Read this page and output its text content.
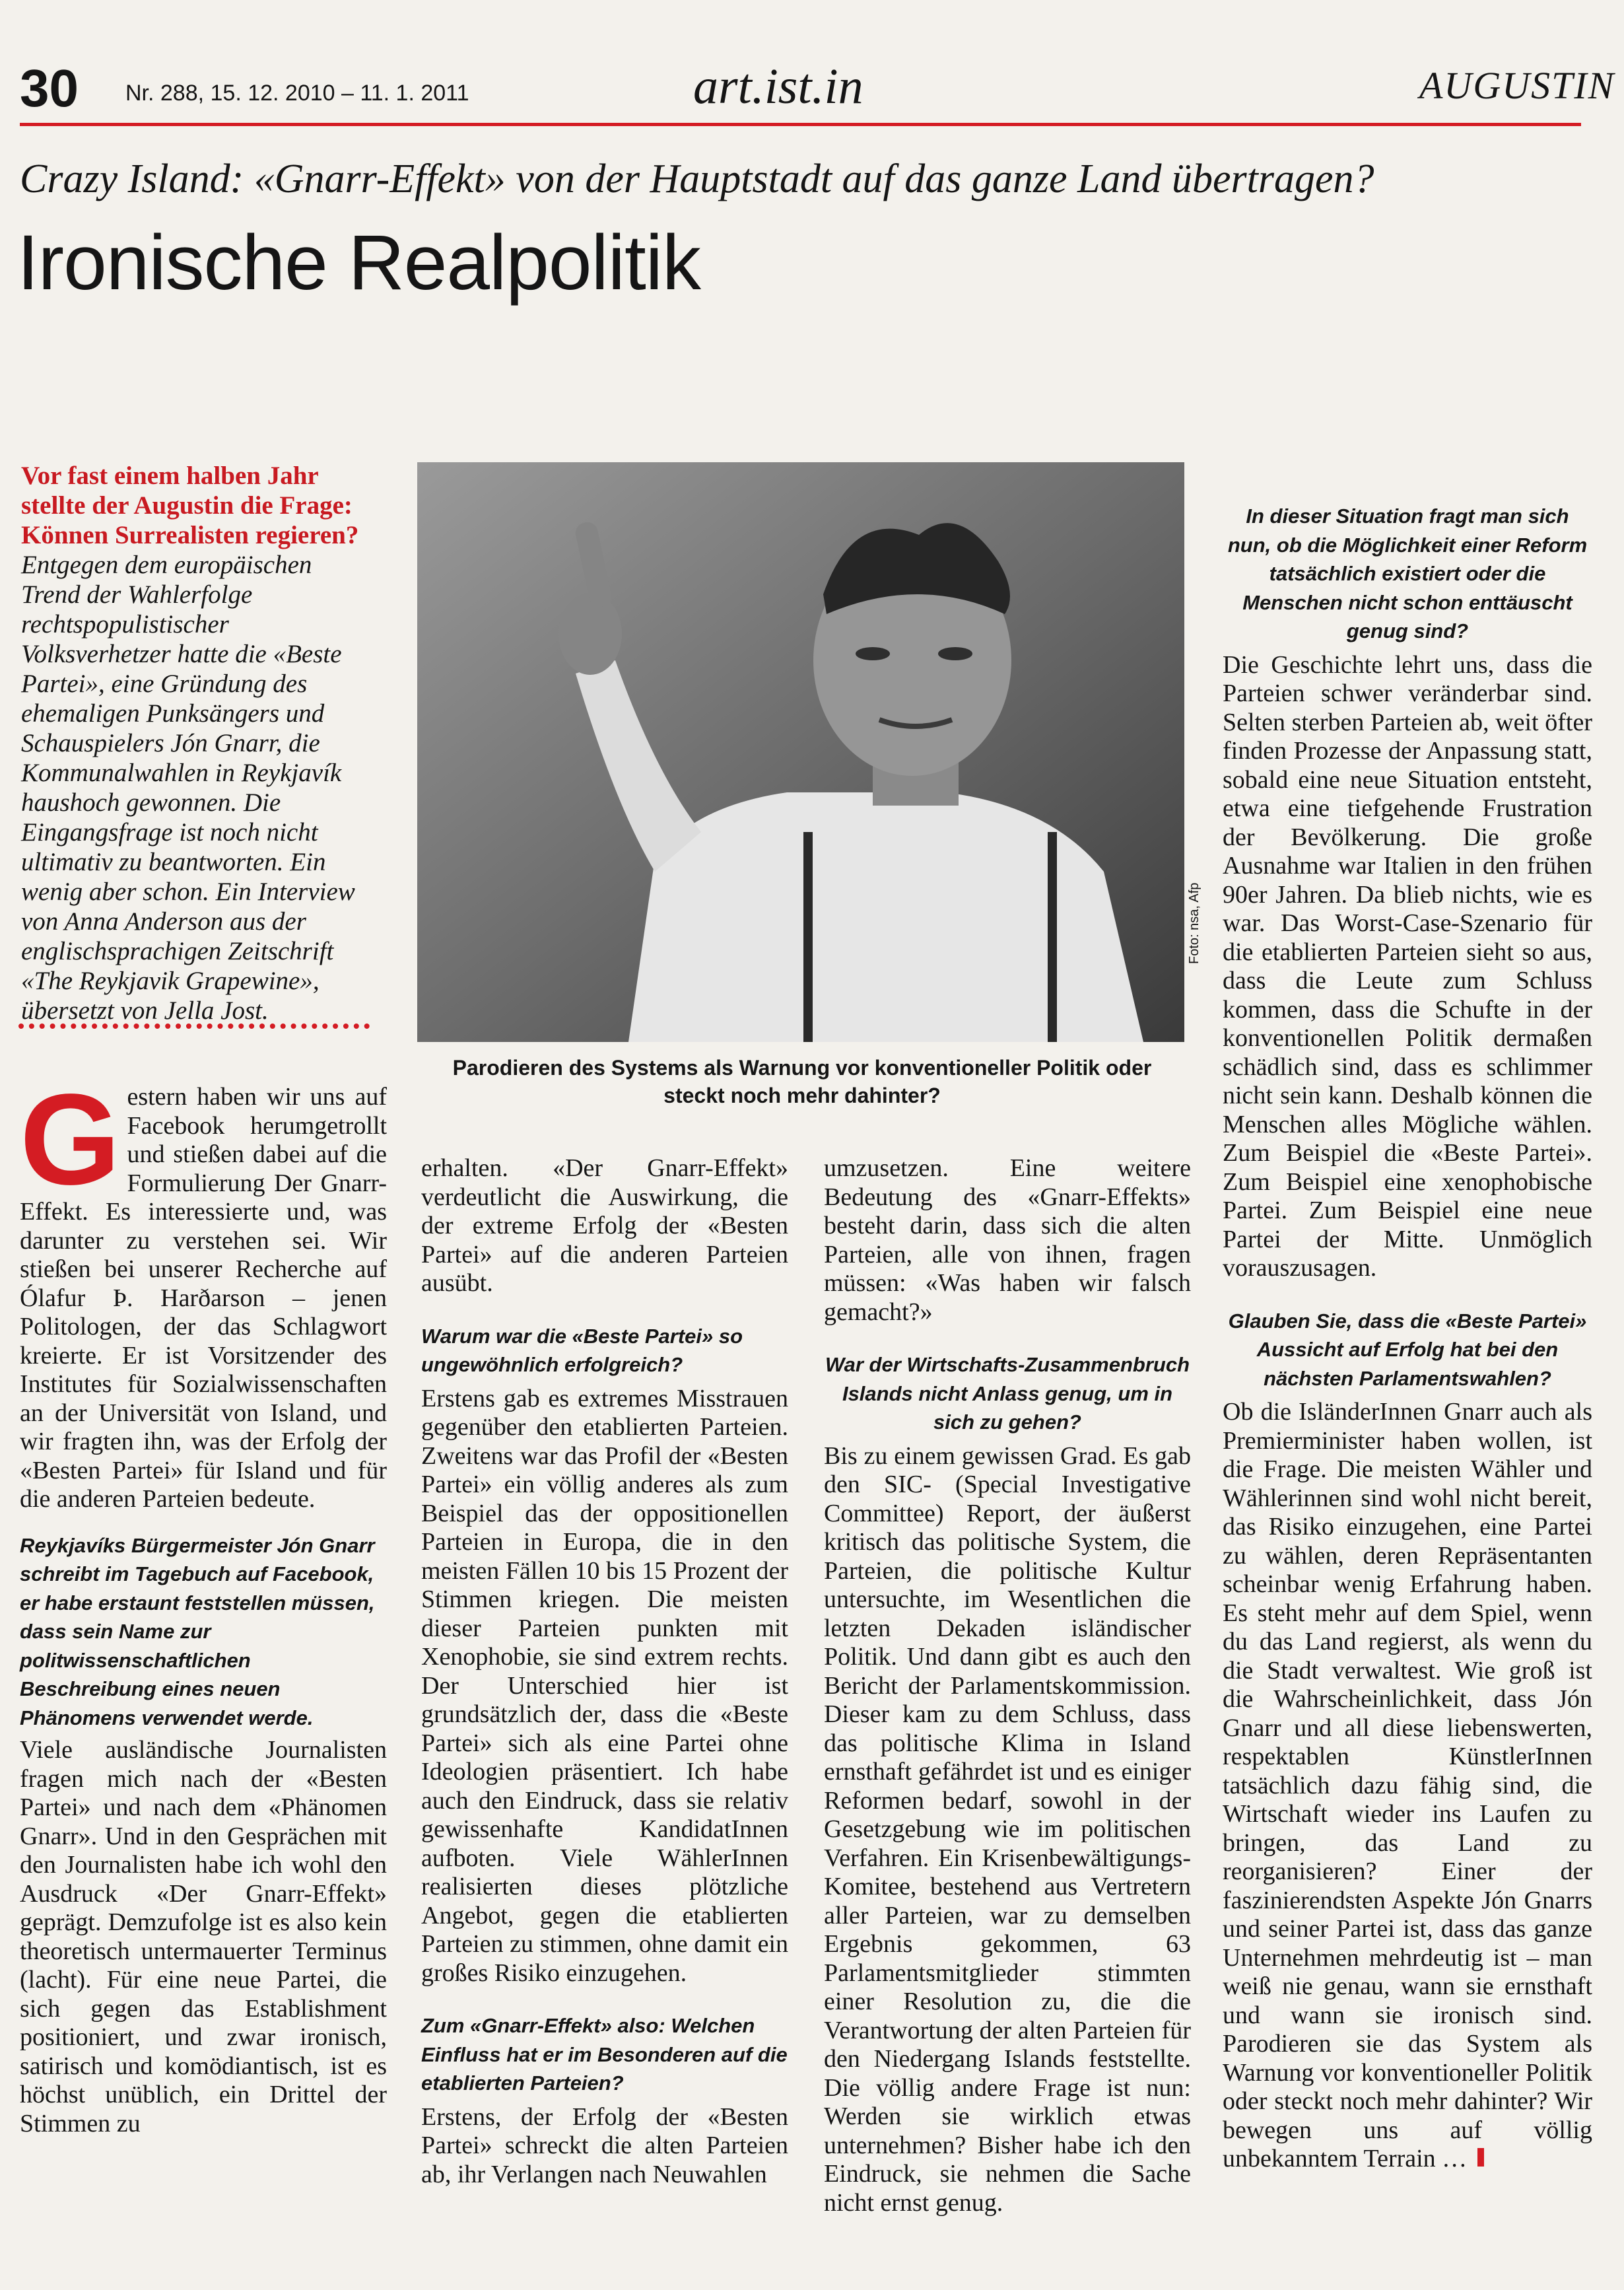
30 Nr. 288, 15. 12. 2010 – 11. 1. 2011	art.ist.in	AUGUSTIN
Crazy Island: «Gnarr-Effekt» von der Hauptstadt auf das ganze Land übertragen?
Ironische Realpolitik
Vor fast einem halben Jahr stellte der Augustin die Frage: Können Surrealisten regieren? Entgegen dem europäischen Trend der Wahlerfolge rechtspopulistischer Volksverhetzer hatte die «Beste Partei», eine Gründung des ehemaligen Punksängers und Schauspielers Jón Gnarr, die Kommunalwahlen in Reykjavík haushoch gewonnen. Die Eingangsfrage ist noch nicht ultimativ zu beantworten. Ein wenig aber schon. Ein Interview von Anna Anderson aus der englischsprachigen Zeitschrift «The Reykjavik Grapewine», übersetzt von Jella Jost.
Foto: nsa, Afp
Parodieren des Systems als Warnung vor konventioneller Politik oder steckt noch mehr dahinter?
G estern haben wir uns auf Facebook herumgetrollt und stießen dabei auf die Formulierung Der Gnarr-Effekt. Es interessierte und, was darunter zu verstehen sei. Wir stießen bei unserer Recherche auf Ólafur Þ. Harðarson – jenen Politologen, der das Schlagwort kreierte. Er ist Vorsitzender des Institutes für Sozialwissenschaften an der Universität von Island, und wir fragten ihn, was der Erfolg der «Besten Partei» für Island und für die anderen Parteien bedeute.

Reykjavíks Bürgermeister Jón Gnarr schreibt im Tagebuch auf Facebook, er habe erstaunt feststellen müssen, dass sein Name zur politwissenschaftlichen Beschreibung eines neuen Phänomens verwendet werde.

Viele ausländische Journalisten fragen mich nach der «Besten Partei» und nach dem «Phänomen Gnarr». Und in den Gesprächen mit den Journalisten habe ich wohl den Ausdruck «Der Gnarr-Effekt» geprägt. Demzufolge ist es also kein theoretisch untermauerter Terminus (lacht). Für eine neue Partei, die sich gegen das Establishment positioniert, und zwar ironisch, satirisch und komödiantisch, ist es höchst unüblich, ein Drittel der Stimmen zu

erhalten. «Der Gnarr-Effekt» verdeutlicht die Auswirkung, die der extreme Erfolg der «Besten Partei» auf die anderen Parteien ausübt.

Warum war die «Beste Partei» so ungewöhnlich erfolgreich?

Erstens gab es extremes Misstrauen gegenüber den etablierten Parteien. Zweitens war das Profil der «Besten Partei» ein völlig anderes als zum Beispiel das der oppositionellen Parteien in Europa, die in den meisten Fällen 10 bis 15 Prozent der Stimmen kriegen. Die meisten dieser Parteien punkten mit Xenophobie, sie sind extrem rechts. Der Unterschied hier ist grundsätzlich der, dass die «Beste Partei» sich als eine Partei ohne Ideologien präsentiert. Ich habe auch den Eindruck, dass sie relativ gewissenhafte KandidatInnen aufboten. Viele WählerInnen realisierten dieses plötzliche Angebot, gegen die etablierten Parteien zu stimmen, ohne damit ein großes Risiko einzugehen.

Zum «Gnarr-Effekt» also: Welchen Einfluss hat er im Besonderen auf die etablierten Parteien?

Erstens, der Erfolg der «Besten Partei» schreckt die alten Parteien ab, ihr Verlangen nach Neuwahlen

umzusetzen. Eine weitere Bedeutung des «Gnarr-Effekts» besteht darin, dass sich die alten Parteien, alle von ihnen, fragen müssen: «Was haben wir falsch gemacht?»

War der Wirtschafts-Zusammenbruch Islands nicht Anlass genug, um in sich zu gehen?

Bis zu einem gewissen Grad. Es gab den SIC- (Special Investigative Committee) Report, der äußerst kritisch das politische System, die Parteien, die politische Kultur untersuchte, im Wesentlichen die letzten Dekaden isländischer Politik. Und dann gibt es auch den Bericht der Parlamentskommission. Dieser kam zu dem Schluss, dass das politische Klima in Island ernsthaft gefährdet ist und es einiger Reformen bedarf, sowohl in der Gesetzgebung wie im politischen Verfahren. Ein Krisenbewältigungs-Komitee, bestehend aus Vertretern aller Parteien, war zu demselben Ergebnis gekommen, 63 Parlamentsmitglieder stimmten einer Resolution zu, die die Verantwortung der alten Parteien für den Niedergang Islands feststellte. Die völlig andere Frage ist nun: Werden sie wirklich etwas unternehmen? Bisher habe ich den Eindruck, sie nehmen die Sache nicht ernst genug.

In dieser Situation fragt man sich nun, ob die Möglichkeit einer Reform tatsächlich existiert oder die Menschen nicht schon enttäuscht genug sind?

Die Geschichte lehrt uns, dass die Parteien schwer veränderbar sind. Selten sterben Parteien ab, weit öfter finden Prozesse der Anpassung statt, sobald eine neue Situation entsteht, etwa eine tiefgehende Frustration der Bevölkerung. Die große Ausnahme war Italien in den frühen 90er Jahren. Da blieb nichts, wie es war. Das Worst-Case-Szenario für die etablierten Parteien sieht so aus, dass die Leute zum Schluss kommen, dass die Schufte in der konventionellen Politik dermaßen schädlich sind, dass es schlimmer nicht sein kann. Deshalb können die Menschen alles Mögliche wählen. Zum Beispiel die «Beste Partei». Zum Beispiel eine xenophobische Partei. Zum Beispiel eine neue Partei der Mitte. Unmöglich vorauszusagen.

Glauben Sie, dass die «Beste Partei» Aussicht auf Erfolg hat bei den nächsten Parlamentswahlen?

Ob die IsländerInnen Gnarr auch als Premierminister haben wollen, ist die Frage. Die meisten Wähler und Wählerinnen sind wohl nicht bereit, das Risiko einzugehen, eine Partei zu wählen, deren Repräsentanten scheinbar wenig Erfahrung haben. Es steht mehr auf dem Spiel, wenn du das Land regierst, als wenn du die Stadt verwaltest. Wie groß ist die Wahrscheinlichkeit, dass Jón Gnarr und all diese liebenswerten, respektablen KünstlerInnen tatsächlich dazu fähig sind, die Wirtschaft wieder ins Laufen zu bringen, das Land zu reorganisieren? Einer der faszinierendsten Aspekte Jón Gnarrs und seiner Partei ist, dass das ganze Unternehmen mehrdeutig ist – man weiß nie genau, wann sie ernsthaft und wann sie ironisch sind. Parodieren sie das System als Warnung vor konventioneller Politik oder steckt noch mehr dahinter? Wir bewegen uns auf völlig unbekanntem Terrain …
